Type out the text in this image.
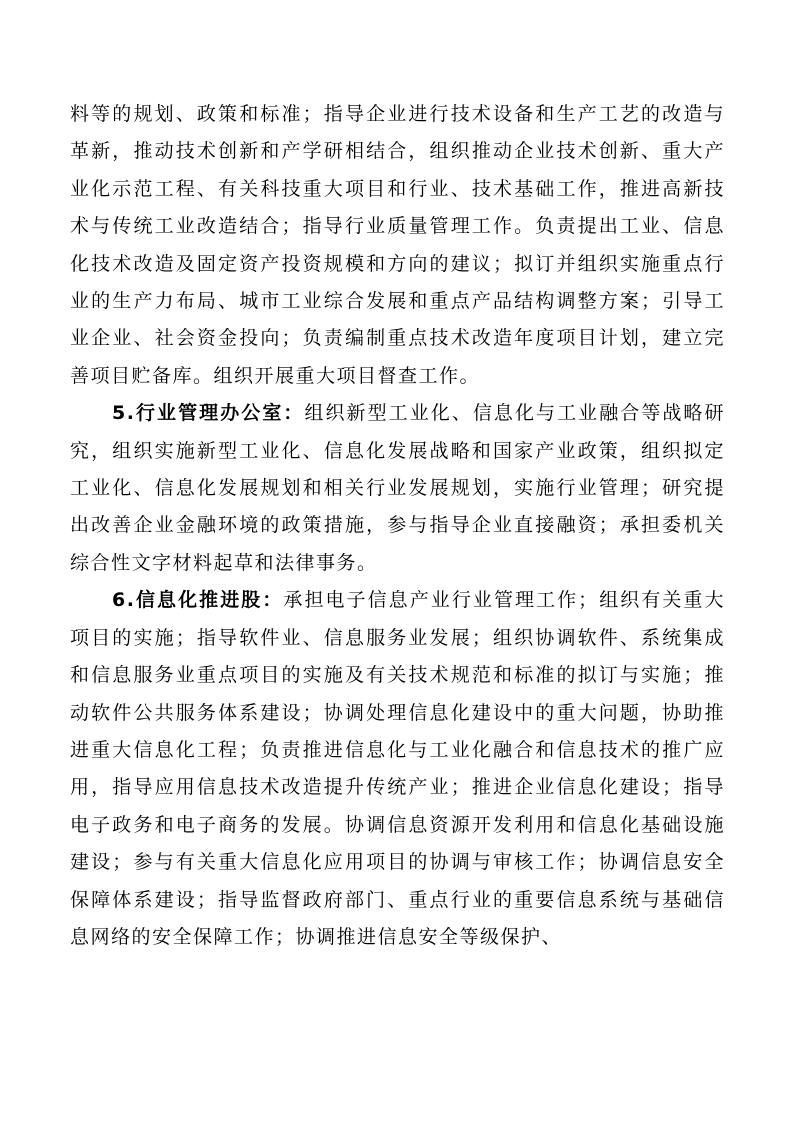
料等的规划、政策和标准；指导企业进行技术设备和生产工艺的改造与革新，推动技术创新和产学研相结合，组织推动企业技术创新、重大产业化示范工程、有关科技重大项目和行业、技术基础工作，推进高新技术与传统工业改造结合；指导行业质量管理工作。负责提出工业、信息化技术改造及固定资产投资规模和方向的建议；拟订并组织实施重点行业的生产力布局、城市工业综合发展和重点产品结构调整方案；引导工业企业、社会资金投向；负责编制重点技术改造年度项目计划，建立完善项目贮备库。组织开展重大项目督查工作。

5.行业管理办公室：组织新型工业化、信息化与工业融合等战略研究，组织实施新型工业化、信息化发展战略和国家产业政策，组织拟定工业化、信息化发展规划和相关行业发展规划，实施行业管理；研究提出改善企业金融环境的政策措施，参与指导企业直接融资；承担委机关综合性文字材料起草和法律事务。

6.信息化推进股：承担电子信息产业行业管理工作；组织有关重大项目的实施；指导软件业、信息服务业发展；组织协调软件、系统集成和信息服务业重点项目的实施及有关技术规范和标准的拟订与实施；推动软件公共服务体系建设；协调处理信息化建设中的重大问题，协助推进重大信息化工程；负责推进信息化与工业化融合和信息技术的推广应用，指导应用信息技术改造提升传统产业；推进企业信息化建设；指导电子政务和电子商务的发展。协调信息资源开发利用和信息化基础设施建设；参与有关重大信息化应用项目的协调与审核工作；协调信息安全保障体系建设；指导监督政府部门、重点行业的重要信息系统与基础信息网络的安全保障工作；协调推进信息安全等级保护、
